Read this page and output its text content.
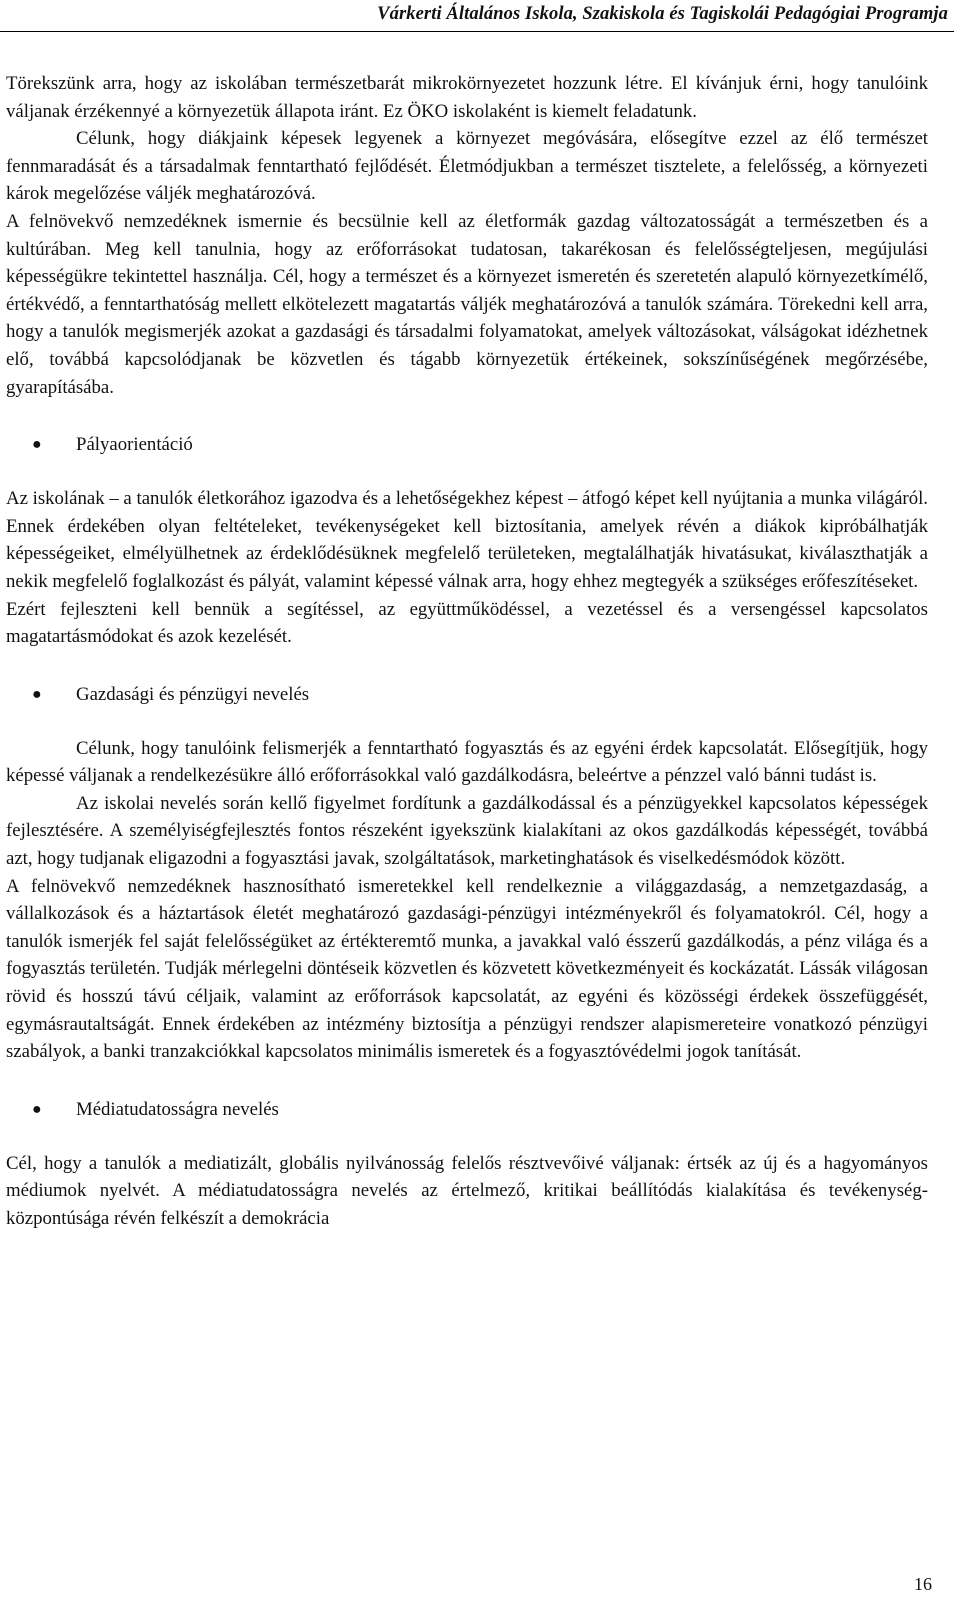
Várkerti Általános Iskola, Szakiskola és Tagiskolái Pedagógiai Programja

Törekszünk arra, hogy az iskolában természetbarát mikrokörnyezetet hozzunk létre. El kívánjuk érni, hogy tanulóink váljanak érzékennyé a környezetük állapota iránt. Ez ÖKO iskolaként is kiemelt feladatunk.

Célunk, hogy diákjaink képesek legyenek a környezet megóvására, elősegítve ezzel az élő természet fennmaradását és a társadalmak fenntartható fejlődését. Életmódjukban a természet tisztelete, a felelősség, a környezeti károk megelőzése váljék meghatározóvá.

A felnövekvő nemzedéknek ismernie és becsülnie kell az életformák gazdag változatosságát a természetben és a kultúrában. Meg kell tanulnia, hogy az erőforrásokat tudatosan, takarékosan és felelősségteljesen, megújulási képességükre tekintettel használja. Cél, hogy a természet és a környezet ismeretén és szeretetén alapuló környezetkímélő, értékvédő, a fenntarthatóság mellett elkötelezett magatartás váljék meghatározóvá a tanulók számára. Törekedni kell arra, hogy a tanulók megismerjék azokat a gazdasági és társadalmi folyamatokat, amelyek változásokat, válságokat idézhetnek elő, továbbá kapcsolódjanak be közvetlen és tágabb környezetük értékeinek, sokszínűségének megőrzésébe, gyarapításába.

●	Pályaorientáció

Az iskolának – a tanulók életkorához igazodva és a lehetőségekhez képest – átfogó képet kell nyújtania a munka világáról. Ennek érdekében olyan feltételeket, tevékenységeket kell biztosítania, amelyek révén a diákok kipróbálhatják képességeiket, elmélyülhetnek az érdeklődésüknek megfelelő területeken, megtalálhatják hivatásukat, kiválaszthatják a nekik megfelelő foglalkozást és pályát, valamint képessé válnak arra, hogy ehhez megtegyék a szükséges erőfeszítéseket.

Ezért fejleszteni kell bennük a segítéssel, az együttműködéssel, a vezetéssel és a versengéssel kapcsolatos magatartásmódokat és azok kezelését.

●	Gazdasági és pénzügyi nevelés

Célunk, hogy tanulóink felismerjék a fenntartható fogyasztás és az egyéni érdek kapcsolatát. Elősegítjük, hogy képessé váljanak a rendelkezésükre álló erőforrásokkal való gazdálkodásra, beleértve a pénzzel való bánni tudást is.

Az iskolai nevelés során kellő figyelmet fordítunk a gazdálkodással és a pénzügyekkel kapcsolatos képességek fejlesztésére. A személyiségfejlesztés fontos részeként igyekszünk kialakítani az okos gazdálkodás képességét, továbbá azt, hogy tudjanak eligazodni a fogyasztási javak, szolgáltatások, marketinghatások és viselkedésmódok között.

A felnövekvő nemzedéknek hasznosítható ismeretekkel kell rendelkeznie a világgazdaság, a nemzetgazdaság, a vállalkozások és a háztartások életét meghatározó gazdasági-pénzügyi intézményekről és folyamatokról. Cél, hogy a tanulók ismerjék fel saját felelősségüket az értékteremtő munka, a javakkal való ésszerű gazdálkodás, a pénz világa és a fogyasztás területén. Tudják mérlegelni döntéseik közvetlen és közvetett következményeit és kockázatát. Lássák világosan rövid és hosszú távú céljaik, valamint az erőforrások kapcsolatát, az egyéni és közösségi érdekek összefüggését, egymásrautaltságát. Ennek érdekében az intézmény biztosítja a pénzügyi rendszer alapismereteire vonatkozó pénzügyi szabályok, a banki tranzakciókkal kapcsolatos minimális ismeretek és a fogyasztóvédelmi jogok tanítását.

●	Médiatudatosságra nevelés

Cél, hogy a tanulók a mediatizált, globális nyilvánosság felelős résztvevőivé váljanak: értsék az új és a hagyományos médiumok nyelvét. A médiatudatosságra nevelés az értelmező, kritikai beállítódás kialakítása és tevékenység-központúsága révén felkészít a demokrácia

16
